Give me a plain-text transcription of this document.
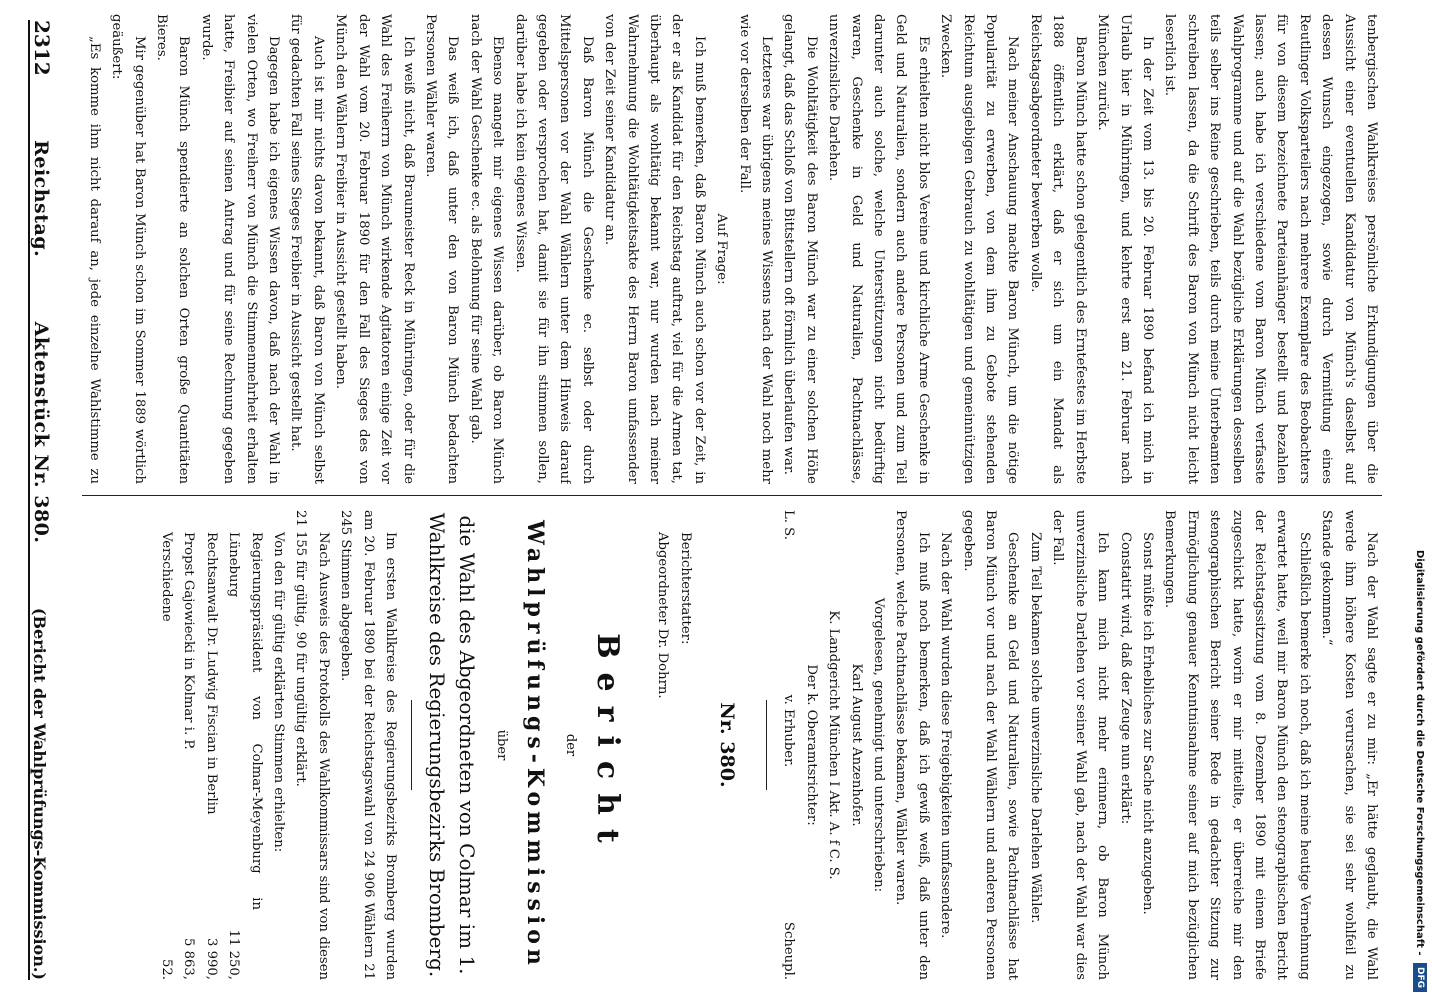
tenbergischen Wahlkreises persönliche Erkundigungen über die Aussicht einer eventuellen Kandidatur von Münch's daselbst auf dessen Wunsch eingezogen, sowie durch Vermittlung eines Reutlinger Volksparteilers nach mehrere Exemplare des Beobachters für von diesem bezeichnete Parteianhänger bestellt und bezahlen lassen; auch habe ich verschiedene vom Baron Münch verfasste Wahlprogramme und auf die Wahl bezügliche Erklärungen desselben teils selber ins Reine geschrieben, teils durch meine Unterbeamten schreiben lassen, da die Schrift des Baron von Münch nicht leicht leserlich ist.

In der Zeit vom 13. bis 20. Februar 1890 befand ich mich in Urlaub hier in Mühringen, und kehrte erst am 21. Februar nach München zurück.

Baron Münch hatte schon gelegentlich des Erntefestes im Herbste 1888 öffentlich erklärt, daß er sich um ein Mandat als Reichstagsabgeordneter bewerben wolle.

Nach meiner Anschauung machte Baron Münch, um die nötige Popularität zu erwerben, von dem ihm zu Gebote stehenden Reichtum ausgiebigen Gebrauch zu wohltätigen und gemeinnützigen Zwecken.

Es erhielten nicht blos Vereine und kirchliche Arme Geschenke in Geld und Naturalien, sondern auch andere Personen und zum Teil darunter auch solche, welche Unterstützungen nicht bedürftig waren, Geschenke in Geld und Naturalien, Pachtnachlässe, unverzinsliche Darlehen.

Die Wohltätigkeit des Baron Münch war zu einer solchen Höhe gelangt, daß das Schloß von Bittstellern oft förmlich überlaufen war.

Letzteres war übrigens meines Wissens nach der Wahl noch mehr wie vor derselben der Fall.

Auf Frage:

Ich muß bemerken, daß Baron Münch auch schon vor der Zeit, in der er als Kandidat für den Reichstag auftrat, viel für die Armen tat, überhaupt als wohltätig bekannt war, nur wurden nach meiner Wahrnehmung die Wohltätigkeitsakte des Herrn Baron umfassender von der Zeit seiner Kandidatur an.

Daß Baron Münch die Geschenke ec. selbst oder durch Mittelspersonen vor der Wahl Wählern unter dem Hinweis darauf gegeben oder versprochen hat, damit sie für ihn stimmen sollen, darüber habe ich kein eigenes Wissen.

Ebenso mangelt mir eigenes Wissen darüber, ob Baron Münch nach der Wahl Geschenke ec. als Belohnung für seine Wahl gab.

Das weiß ich, daß unter den von Baron Münch bedachten Personen Wähler waren.

Ich weiß nicht, daß Braumeister Reck in Mühringen, oder für die Wahl des Freiherrn von Münch wirkende Agitatoren einige Zeit vor der Wahl vom 20. Februar 1890 für den Fall des Sieges des von Münch den Wählern Freibier in Aussicht gestellt haben.

Auch ist mir nichts davon bekannt, daß Baron von Münch selbst für gedachten Fall seines Sieges Freibier in Aussicht gestellt hat.

Dagegen habe ich eigenes Wissen davon, daß nach der Wahl in vielen Orten, wo Freiherr von Münch die Stimmenmehrheit erhalten hatte, Freibier auf seinen Antrag und für seine Rechnung gegeben wurde.

Baron Münch spendierte an solchen Orten große Quantitäten Bieres.

Mir gegenüber hat Baron Münch schon im Sommer 1889 wörtlich geäußert:

„Es komme ihm nicht darauf an, jede einzelne Wahlstimme zu

Nach der Wahl sagte er zu mir: „Er hätte geglaubt, die Wahl werde ihm höhere Kosten verursachen, sie sei sehr wohlfeil zu Stande gekommen.“

Schließlich bemerke ich noch, daß ich meine heutige Vernehmung erwartet hatte, weil mir Baron Münch den stenographischen Bericht der Reichstagssitzung vom 8. Dezember 1890 mit einem Briefe zugeschickt hatte, worin er mir mitteilte, er überreiche mir den stenographischen Bericht seiner Rede in gedachter Sitzung zur Ermöglichung genauer Kenntnisnahme seiner auf mich bezüglichen Bemerkungen.

Sonst müßte ich Erhebliches zur Sache nicht anzugeben.

Constatirt wird, daß der Zeuge nun erklärt:

Ich kann mich nicht mehr erinnern, ob Baron Münch unverzinsliche Darlehen vor seiner Wahl gab, nach der Wahl war dies der Fall.

Zum Teil bekamen solche unverzinsliche Darlehen Wähler.

Geschenke an Geld und Naturalien, sowie Pachtnachlässe hat Baron Münch vor und nach der Wahl Wählern und anderen Personen gegeben.

Nach der Wahl wurden diese Freigebigkeiten umfassendere.

Ich muß noch bemerken, daß ich gewiß weiß, daß unter den Personen, welche Pachtnachlässe bekamen, Wähler waren.

Vorgelesen, genehmigt und unterschrieben:

Karl August Anzenhofer.

K. Landgericht München I Akt. A. f C. S.

Der k. Oberamtsrichter:

L. S.
v. Erhuber.
Scheupl.
Nr. 380.

Berichterstatter:

Abgeordneter Dr. Dohrn.

Bericht
der
Wahlprüfungs-Kommission
über
die Wahl des Abgeordneten von Colmar im 1. Wahlkreise des Regierungsbezirks Bromberg.

Im ersten Wahlkreise des Regierungsbezirks Bromberg wurden am 20. Februar 1890 bei der Reichstagswahl von 24 906 Wählern 21 245 Stimmen abgegeben.

Nach Ausweis des Protokolls des Wahlkommissars sind von diesen 21 155 für gültig, 90 für ungültig erklärt.

Von den für gültig erklärten Stimmen erhielten:

Regierungspräsident von Colmar-Meyenburg in Lüneburg	11 250,
Rechtsanwalt Dr. Ludwig Fiscian in Berlin	3 990,
Propst Gajowiecki in Kolmar i. P.	5 863,
Verschiedene	52.
2312
Reichstag.
Aktenstück Nr. 380.
(Bericht der Wahlprüfungs-Kommission.)	Digitalisierung gefördert durch die Deutsche Forschungsgemeinschaft - DFG
